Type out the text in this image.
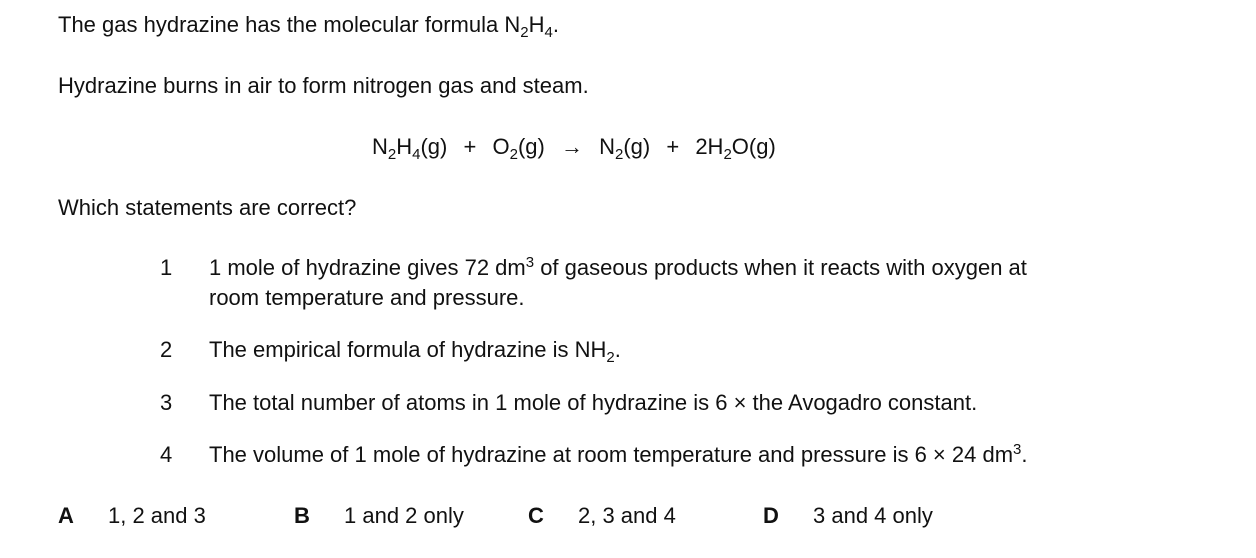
The gas hydrazine has the molecular formula $N_2H_4$.
Hydrazine burns in air to form nitrogen gas and steam.
$N_2H_4(g) + O_2(g) \to N_2(g) + 2H_2O(g)$
Which statements are correct?
1	1 mole of hydrazine gives 72 $dm^3$ of gaseous products when it reacts with oxygen at
room temperature and pressure.
2	The empirical formula of hydrazine is $NH_2$.
3	The total number of atoms in 1 mole of hydrazine is 6 × the Avogadro constant.
4	The volume of 1 mole of hydrazine at room temperature and pressure is 6 × 24 $dm^3$.
A 1, 2 and 3	B 1 and 2 only	C 2, 3 and 4	D 3 and 4 only
